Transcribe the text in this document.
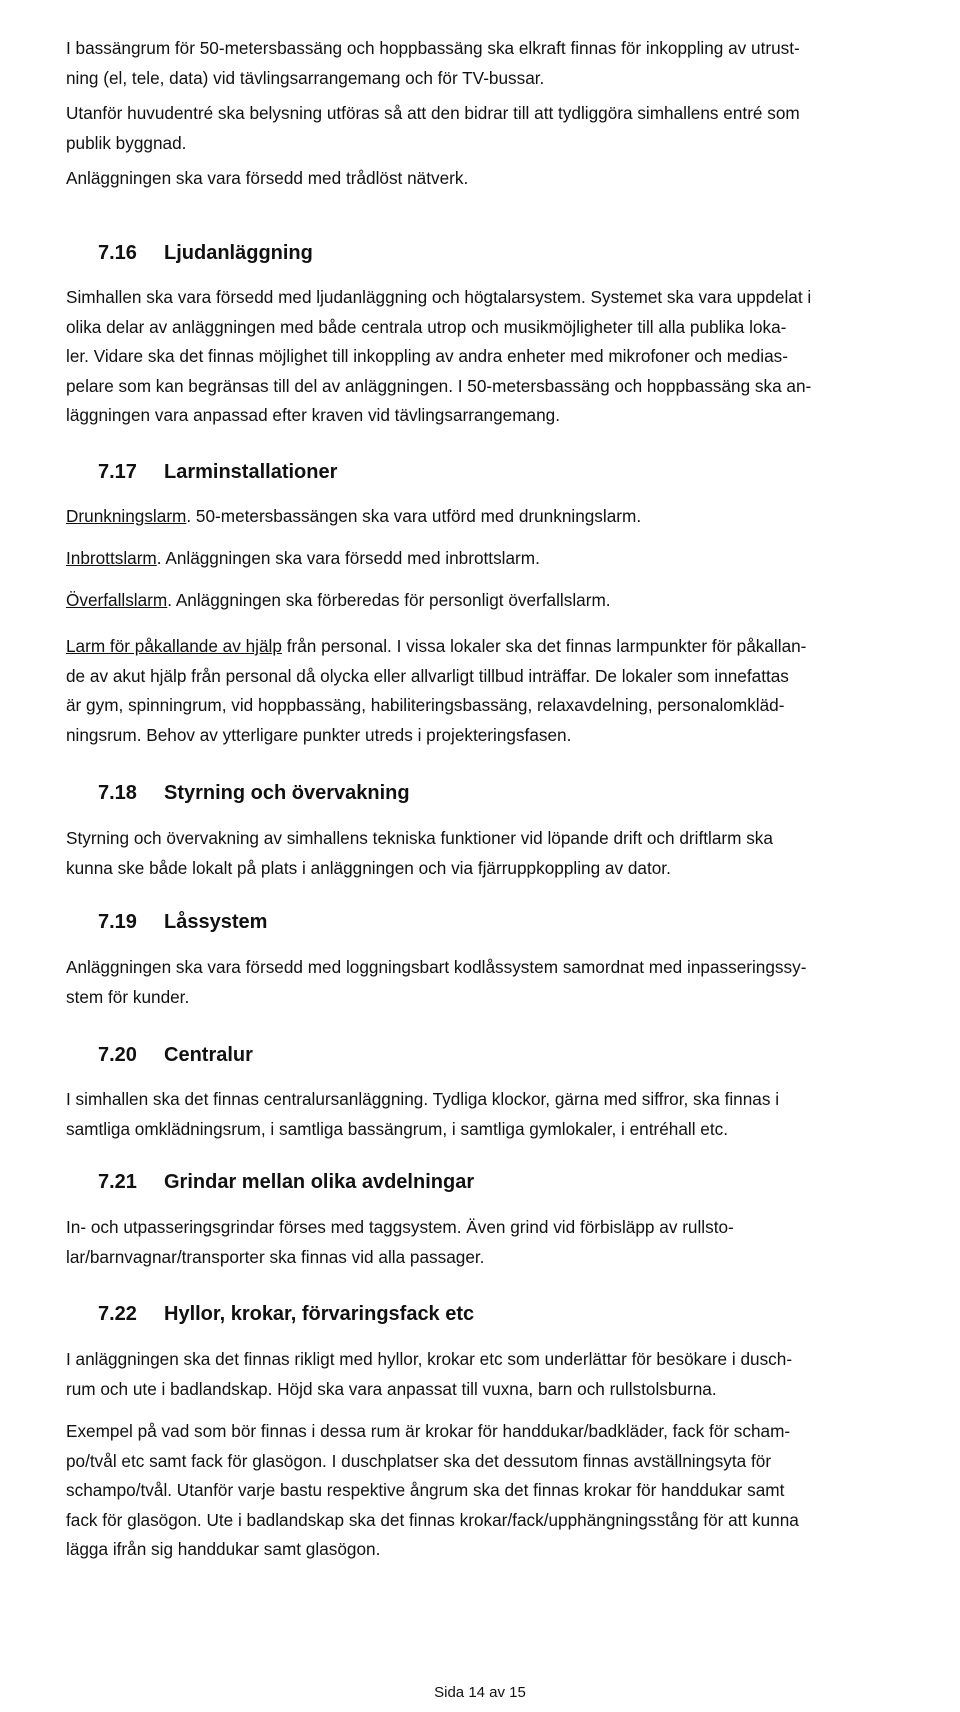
I bassängrum för 50-metersbassäng och hoppbassäng ska elkraft finnas för inkoppling av utrust-
ning (el, tele, data) vid tävlingsarrangemang och för TV-bussar.

Utanför huvudentré ska belysning utföras så att den bidrar till att tydliggöra simhallens entré som
publik byggnad.

Anläggningen ska vara försedd med trådlöst nätverk.

7.16 Ljudanläggning

Simhallen ska vara försedd med ljudanläggning och högtalarsystem. Systemet ska vara uppdelat i
olika delar av anläggningen med både centrala utrop och musikmöjligheter till alla publika loka-
ler. Vidare ska det finnas möjlighet till inkoppling av andra enheter med mikrofoner och medias-
pelare som kan begränsas till del av anläggningen. I 50-metersbassäng och hoppbassäng ska an-
läggningen vara anpassad efter kraven vid tävlingsarrangemang.

7.17 Larminstallationer

Drunkningslarm. 50-metersbassängen ska vara utförd med drunkningslarm.

Inbrottslarm. Anläggningen ska vara försedd med inbrottslarm.

Överfallslarm. Anläggningen ska förberedas för personligt överfallslarm.

Larm för påkallande av hjälp från personal. I vissa lokaler ska det finnas larmpunkter för påkallan-
de av akut hjälp från personal då olycka eller allvarligt tillbud inträffar. De lokaler som innefattas
är gym, spinningrum, vid hoppbassäng, habiliteringsbassäng, relaxavdelning, personalomkläd-
ningsrum. Behov av ytterligare punkter utreds i projekteringsfasen.

7.18 Styrning och övervakning

Styrning och övervakning av simhallens tekniska funktioner vid löpande drift och driftlarm ska
kunna ske både lokalt på plats i anläggningen och via fjärruppkoppling av dator.

7.19 Låssystem

Anläggningen ska vara försedd med loggningsbart kodlåssystem samordnat med inpasseringssy-
stem för kunder.

7.20 Centralur

I simhallen ska det finnas centralursanläggning. Tydliga klockor, gärna med siffror, ska finnas i
samtliga omklädningsrum, i samtliga bassängrum, i samtliga gymlokaler, i entréhall etc.

7.21 Grindar mellan olika avdelningar

In- och utpasseringsgrindar förses med taggsystem. Även grind vid förbisläpp av rullsto-
lar/barnvagnar/transporter ska finnas vid alla passager.

7.22 Hyllor, krokar, förvaringsfack etc

I anläggningen ska det finnas rikligt med hyllor, krokar etc som underlättar för besökare i dusch-
rum och ute i badlandskap. Höjd ska vara anpassat till vuxna, barn och rullstolsburna.

Exempel på vad som bör finnas i dessa rum är krokar för handdukar/badkläder, fack för scham-
po/tvål etc samt fack för glasögon. I duschplatser ska det dessutom finnas avställningsyta för
schampo/tvål. Utanför varje bastu respektive ångrum ska det finnas krokar för handdukar samt
fack för glasögon. Ute i badlandskap ska det finnas krokar/fack/upphängningsstång för att kunna
lägga ifrån sig handdukar samt glasögon.

Sida 14 av 15
